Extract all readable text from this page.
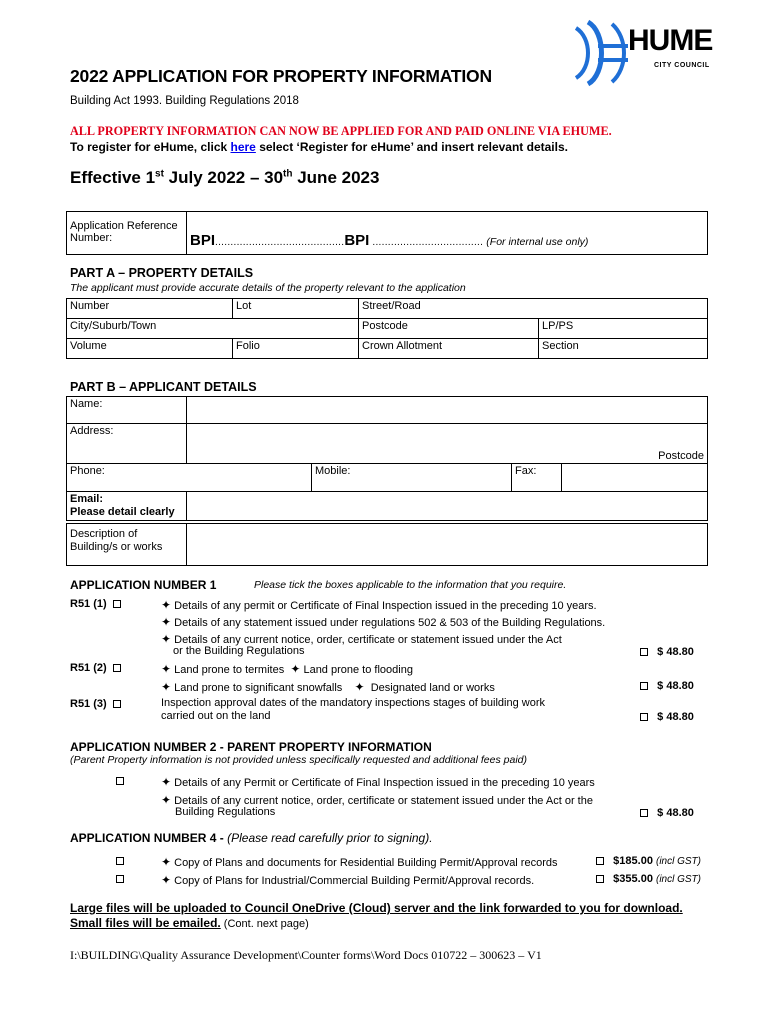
HUME
CITY COUNCIL
2022 APPLICATION FOR PROPERTY INFORMATION
Building Act 1993. Building Regulations 2018
ALL PROPERTY INFORMATION CAN NOW BE APPLIED FOR AND PAID ONLINE VIA EHUME.
To register for eHume, click here select ‘Register for eHume’ and insert relevant details.
Effective 1st July 2022 – 30th June 2023
Application Reference Number:	BPI..........................................BPI .................................... (For internal use only)
PART A – PROPERTY DETAILS
The applicant must provide accurate details of the property relevant to the application
Number	Lot	Street/Road	
City/Suburb/Town		Postcode	LP/PS
Volume	Folio	Crown Allotment	Section
PART B – APPLICANT DETAILS
Name:				
Address:	Postcode			
Phone:		Mobile:	Fax:	

Email:
Please detail clearly				

Description of
Building/s or works

APPLICATION NUMBER 1	Please tick the boxes applicable to the information that you require.
R51 (1)	✦ Details of any permit or Certificate of Final Inspection issued in the preceding 10 years.
✦ Details of any statement issued under regulations 502 & 503 of the Building Regulations.
✦ Details of any current notice, order, certificate or statement issued under the Act
or the Building Regulations	$ 48.80
R51 (2)	✦ Land prone to termites ✦ Land prone to flooding
✦ Land prone to significant snowfalls ✦ Designated land or works	$ 48.80
R51 (3)	Inspection approval dates of the mandatory inspections stages of building work
carried out on the land	$ 48.80
APPLICATION NUMBER 2 - PARENT PROPERTY INFORMATION
(Parent Property information is not provided unless specifically requested and additional fees paid)
✦ Details of any Permit or Certificate of Final Inspection issued in the preceding 10 years
✦ Details of any current notice, order, certificate or statement issued under the Act or the
Building Regulations	$ 48.80
APPLICATION NUMBER 4 - (Please read carefully prior to signing).
✦ Copy of Plans and documents for Residential Building Permit/Approval records	$185.00 (incl GST)
✦ Copy of Plans for Industrial/Commercial Building Permit/Approval records.	$355.00 (incl GST)
Large files will be uploaded to Council OneDrive (Cloud) server and the link forwarded to you for download.
Small files will be emailed. (Cont. next page)
I:\BUILDING\Quality Assurance Development\Counter forms\Word Docs 010722 – 300623 – V1
